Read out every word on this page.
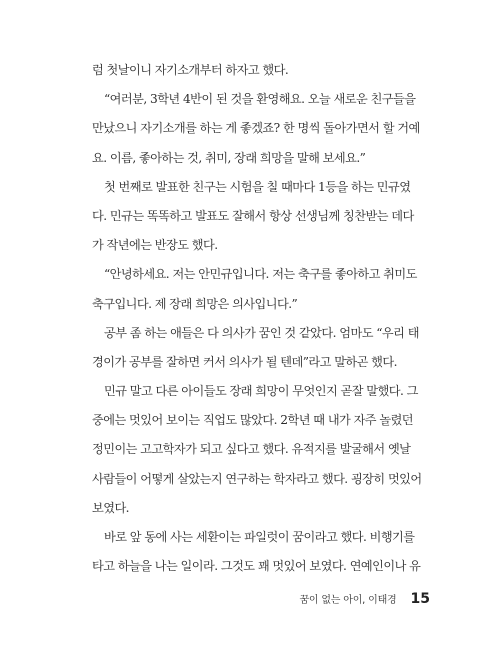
럼 첫날이니 자기소개부터 하자고 했다.
“여러분, 3학년 4반이 된 것을 환영해요. 오늘 새로운 친구들을
만났으니 자기소개를 하는 게 좋겠죠? 한 명씩 돌아가면서 할 거예
요. 이름, 좋아하는 것, 취미, 장래 희망을 말해 보세요.”
첫 번째로 발표한 친구는 시험을 칠 때마다 1등을 하는 민규였
다. 민규는 똑똑하고 발표도 잘해서 항상 선생님께 칭찬받는 데다
가 작년에는 반장도 했다.
“안녕하세요. 저는 안민규입니다. 저는 축구를 좋아하고 취미도
축구입니다. 제 장래 희망은 의사입니다.”
공부 좀 하는 애들은 다 의사가 꿈인 것 같았다. 엄마도 “우리 태
경이가 공부를 잘하면 커서 의사가 될 텐데”라고 말하곤 했다.
민규 말고 다른 아이들도 장래 희망이 무엇인지 곧잘 말했다. 그
중에는 멋있어 보이는 직업도 많았다. 2학년 때 내가 자주 놀렸던
정민이는 고고학자가 되고 싶다고 했다. 유적지를 발굴해서 옛날
사람들이 어떻게 살았는지 연구하는 학자라고 했다. 굉장히 멋있어
보였다.
바로 앞 동에 사는 세환이는 파일럿이 꿈이라고 했다. 비행기를
타고 하늘을 나는 일이라. 그것도 꽤 멋있어 보였다. 연예인이나 유
꿈이 없는 아이, 이태경 15
